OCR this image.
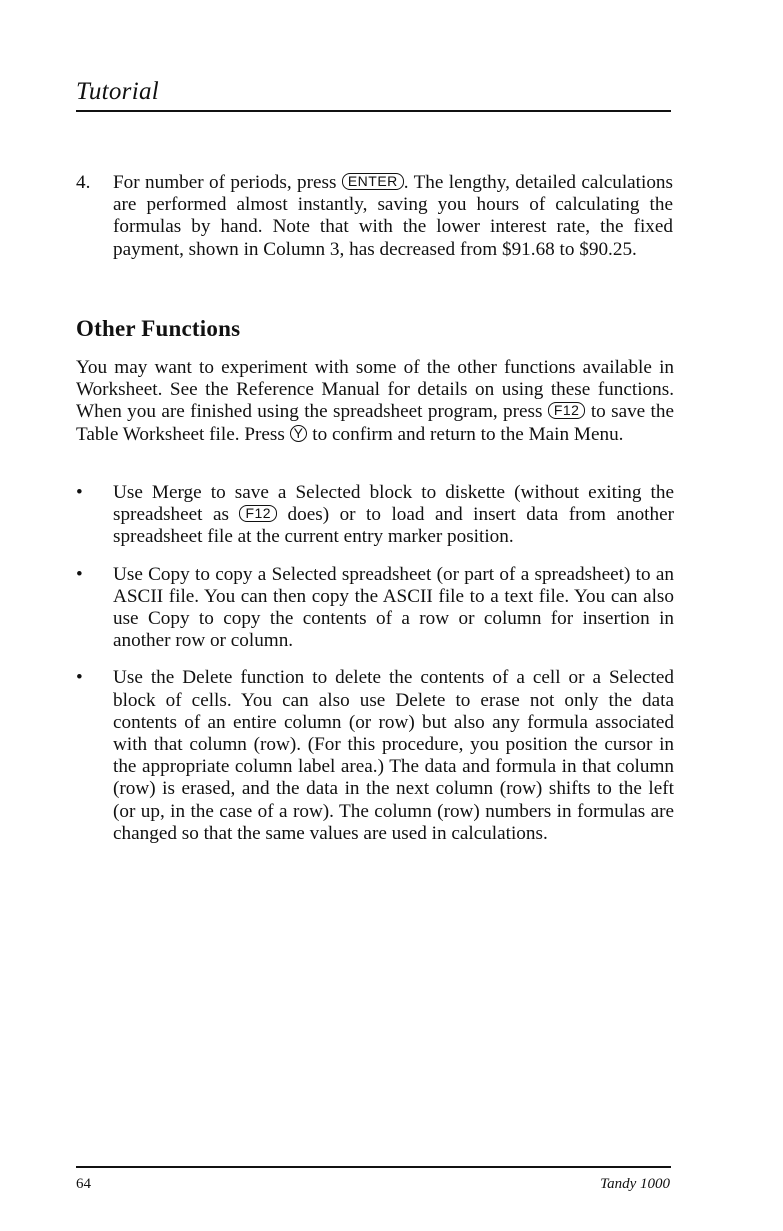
Tutorial
4. For number of periods, press ENTER . The lengthy, detailed calculations are performed almost instantly, saving you hours of calculating the formulas by hand. Note that with the lower interest rate, the fixed payment, shown in Column 3, has decreased from $91.68 to $90.25.
Other Functions
You may want to experiment with some of the other functions available in Worksheet. See the Reference Manual for details on using these functions. When you are finished using the spreadsheet program, press F12 to save the Table Worksheet file. Press Y to confirm and return to the Main Menu.
• Use Merge to save a Selected block to diskette (without exiting the spreadsheet as F12 does) or to load and insert data from another spreadsheet file at the current entry marker position.
• Use Copy to copy a Selected spreadsheet (or part of a spreadsheet) to an ASCII file. You can then copy the ASCII file to a text file. You can also use Copy to copy the contents of a row or column for insertion in another row or column.
• Use the Delete function to delete the contents of a cell or a Selected block of cells. You can also use Delete to erase not only the data contents of an entire column (or row) but also any formula associated with that column (row). (For this procedure, you position the cursor in the appropriate column label area.) The data and formula in that column (row) is erased, and the data in the next column (row) shifts to the left (or up, in the case of a row). The column (row) numbers in formulas are changed so that the same values are used in calculations.
64	Tandy 1000
